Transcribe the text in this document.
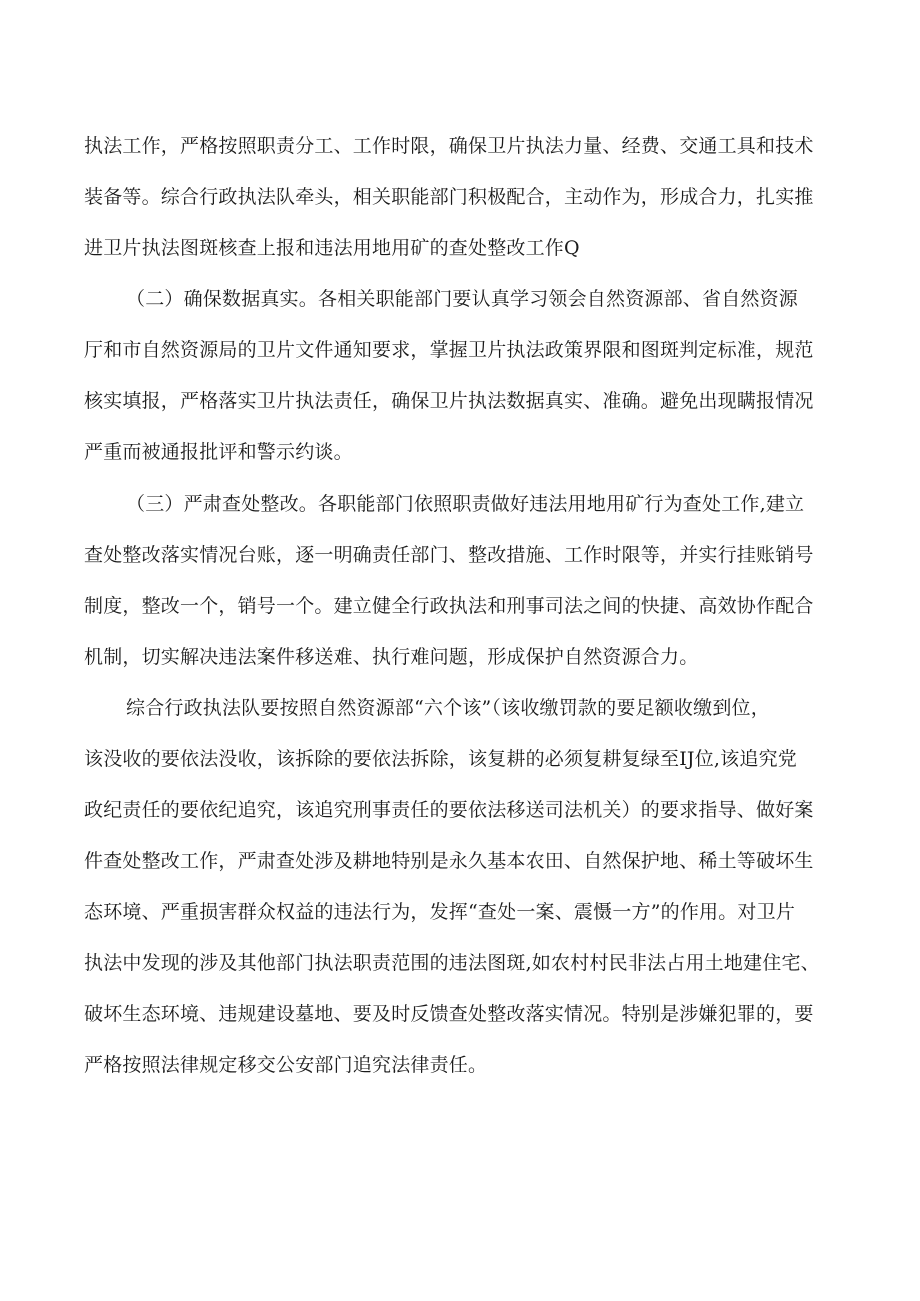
执法工作，严格按照职责分工、工作时限，确保卫片执法力量、经费、交通工具和技术
装备等。综合行政执法队牵头，相关职能部门积极配合，主动作为，形成合力，扎实推
进卫片执法图斑核查上报和违法用地用矿的查处整改工作Q
（二）确保数据真实。各相关职能部门要认真学习领会自然资源部、省自然资源
厅和市自然资源局的卫片文件通知要求，掌握卫片执法政策界限和图斑判定标准，规范
核实填报，严格落实卫片执法责任，确保卫片执法数据真实、准确。避免出现瞒报情况
严重而被通报批评和警示约谈。
（三）严肃查处整改。各职能部门依照职责做好违法用地用矿行为查处工作,建立
查处整改落实情况台账，逐一明确责任部门、整改措施、工作时限等，并实行挂账销号
制度，整改一个，销号一个。建立健全行政执法和刑事司法之间的快捷、高效协作配合
机制，切实解决违法案件移送难、执行难问题，形成保护自然资源合力。
综合行政执法队要按照自然资源部“六个该”（该收缴罚款的要足额收缴到位，
该没收的要依法没收，该拆除的要依法拆除，该复耕的必须复耕复绿至IJ位,该追究党
政纪责任的要依纪追究，该追究刑事责任的要依法移送司法机关）的要求指导、做好案
件查处整改工作，严肃查处涉及耕地特别是永久基本农田、自然保护地、稀土等破坏生
态环境、严重损害群众权益的违法行为，发挥“查处一案、震慑一方”的作用。对卫片
执法中发现的涉及其他部门执法职责范围的违法图斑,如农村村民非法占用土地建住宅、
破坏生态环境、违规建设墓地、要及时反馈查处整改落实情况。特别是涉嫌犯罪的，要
严格按照法律规定移交公安部门追究法律责任。
